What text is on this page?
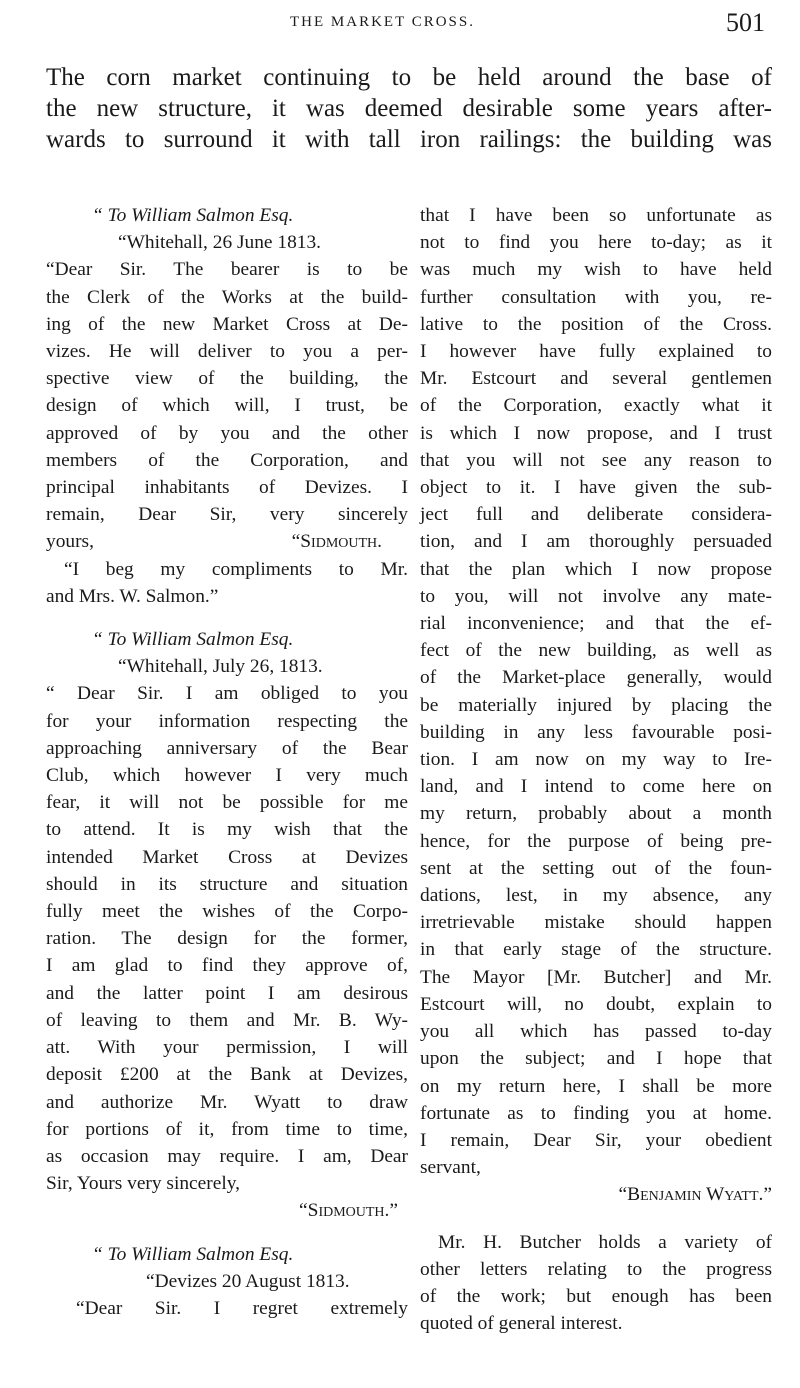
THE MARKET CROSS.	501
The corn market continuing to be held around the base of
the new structure, it was deemed desirable some years after-
wards to surround it with tall iron railings: the building was
“ To William Salmon Esq.
“Whitehall, 26 June 1813.
“Dear Sir. The bearer is to be
the Clerk of the Works at the build-
ing of the new Market Cross at De-
vizes. He will deliver to you a per-
spective view of the building, the
design of which will, I trust, be
approved of by you and the other
members of the Corporation, and
principal inhabitants of Devizes. I
remain, Dear Sir, very sincerely
yours,	“Sidmouth.
“I beg my compliments to Mr.
and Mrs. W. Salmon.”
“ To William Salmon Esq.
“Whitehall, July 26, 1813.
“ Dear Sir. I am obliged to you
for your information respecting the
approaching anniversary of the Bear
Club, which however I very much
fear, it will not be possible for me
to attend. It is my wish that the
intended Market Cross at Devizes
should in its structure and situation
fully meet the wishes of the Corpo-
ration. The design for the former,
I am glad to find they approve of,
and the latter point I am desirous
of leaving to them and Mr. B. Wy-
att. With your permission, I will
deposit £200 at the Bank at Devizes,
and authorize Mr. Wyatt to draw
for portions of it, from time to time,
as occasion may require. I am, Dear
Sir, Yours very sincerely,
“Sidmouth.”
“ To William Salmon Esq.
“Devizes 20 August 1813.
“Dear Sir. I regret extremely
that I have been so unfortunate as
not to find you here to-day; as it
was much my wish to have held
further consultation with you, re-
lative to the position of the Cross.
I however have fully explained to
Mr. Estcourt and several gentlemen
of the Corporation, exactly what it
is which I now propose, and I trust
that you will not see any reason to
object to it. I have given the sub-
ject full and deliberate considera-
tion, and I am thoroughly persuaded
that the plan which I now propose
to you, will not involve any mate-
rial inconvenience; and that the ef-
fect of the new building, as well as
of the Market-place generally, would
be materially injured by placing the
building in any less favourable posi-
tion. I am now on my way to Ire-
land, and I intend to come here on
my return, probably about a month
hence, for the purpose of being pre-
sent at the setting out of the foun-
dations, lest, in my absence, any
irretrievable mistake should happen
in that early stage of the structure.
The Mayor [Mr. Butcher] and Mr.
Estcourt will, no doubt, explain to
you all which has passed to-day
upon the subject; and I hope that
on my return here, I shall be more
fortunate as to finding you at home.
I remain, Dear Sir, your obedient
servant,
“Benjamin Wyatt.”
Mr. H. Butcher holds a variety of
other letters relating to the progress
of the work; but enough has been
quoted of general interest.
